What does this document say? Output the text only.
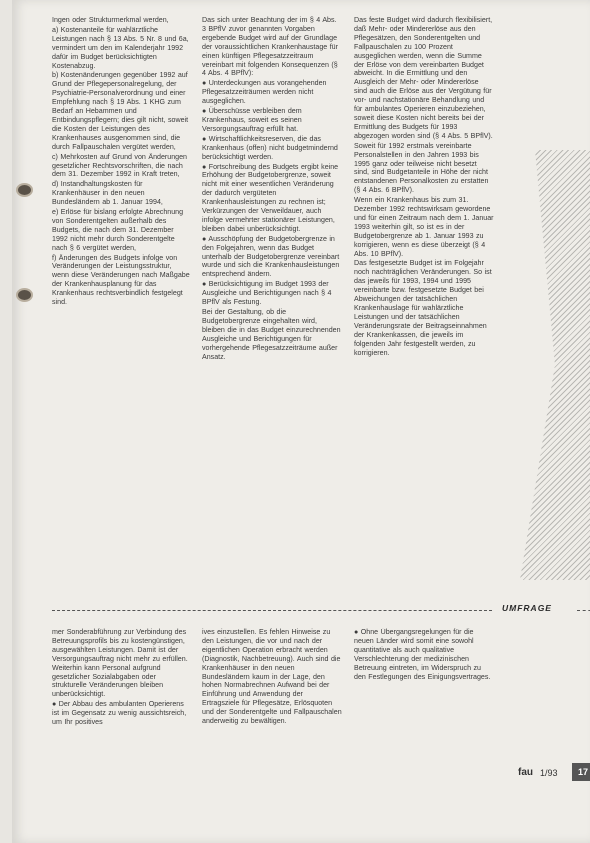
Ingen oder Strukturmerkmal werden,

a) Kostenanteile für wahlärztliche Leistungen nach § 13 Abs. 5 Nr. 8 und 6a, vermindert um den im Kalenderjahr 1992 dafür im Budget berücksichtigten Kostenabzug.

b) Kostenänderungen gegenüber 1992 auf Grund der Pflegepersonalregelung, der Psychiatrie-Personalverordnung und einer Empfehlung nach § 19 Abs. 1 KHG zum Bedarf an Hebammen und Entbindungspflegern; dies gilt nicht, soweit die Kosten der Leistungen des Krankenhauses ausgenommen sind, die durch Fallpauschalen vergütet werden,

c) Mehrkosten auf Grund von Änderungen gesetzlicher Rechtsvorschriften, die nach dem 31. Dezember 1992 in Kraft treten,

d) Instandhaltungskosten für Krankenhäuser in den neuen Bundesländern ab 1. Januar 1994,

e) Erlöse für bislang erfolgte Abrechnung von Sonderentgelten außerhalb des Budgets, die nach dem 31. Dezember 1992 nicht mehr durch Sonderentgelte nach § 6 vergütet werden,

f) Änderungen des Budgets infolge von Veränderungen der Leistungsstruktur, wenn diese Veränderungen nach Maßgabe der Krankenhausplanung für das Krankenhaus rechtsverbindlich festgelegt sind.

Das sich unter Beachtung der im § 4 Abs. 3 BPflV zuvor genannten Vorgaben ergebende Budget wird auf der Grundlage der voraussichtlichen Krankenhaustage für einen künftigen Pflegesatzzeitraum vereinbart mit folgenden Konsequenzen (§ 4 Abs. 4 BPflV):

● Unterdeckungen aus vorangehenden Pflegesatzzeiträumen werden nicht ausgeglichen.

● Überschüsse verbleiben dem Krankenhaus, soweit es seinen Versorgungsauftrag erfüllt hat.

● Wirtschaftlichkeitsreserven, die das Krankenhaus (offen) nicht budgetmindernd berücksichtigt werden.

● Fortschreibung des Budgets ergibt keine Erhöhung der Budgetobergrenze, soweit nicht mit einer wesentlichen Veränderung der dadurch vergüteten Krankenhausleistungen zu rechnen ist; Verkürzungen der Verweildauer, auch infolge vermehrter stationärer Leistungen, bleiben dabei unberücksichtigt.

● Ausschöpfung der Budgetobergrenze in den Folgejahren, wenn das Budget unterhalb der Budgetobergrenze vereinbart wurde und sich die Krankenhausleistungen entsprechend ändern.

● Berücksichtigung im Budget 1993 der Ausgleiche und Berichtigungen nach § 4 BPflV als Festung.

Bei der Gestaltung, ob die Budgetobergrenze eingehalten wird, bleiben die in das Budget einzurechnenden Ausgleiche und Berichtigungen für vorhergehende Pflegesatzzeiträume außer Ansatz.

Das feste Budget wird dadurch flexibilisiert, daß Mehr- oder Mindererlöse aus den Pflegesätzen, den Sonderentgelten und Fallpauschalen zu 100 Prozent ausgeglichen werden, wenn die Summe der Erlöse von dem vereinbarten Budget abweicht. In die Ermittlung und den Ausgleich der Mehr- oder Mindererlöse sind auch die Erlöse aus der Vergütung für vor- und nachstationäre Behandlung und für ambulantes Operieren einzubeziehen, soweit diese Kosten nicht bereits bei der Ermittlung des Budgets für 1993 abgezogen worden sind (§ 4 Abs. 5 BPflV).

Soweit für 1992 erstmals vereinbarte Personalstellen in den Jahren 1993 bis 1995 ganz oder teilweise nicht besetzt sind, sind Budgetanteile in Höhe der nicht entstandenen Personalkosten zu erstatten (§ 4 Abs. 6 BPflV).

Wenn ein Krankenhaus bis zum 31. Dezember 1992 rechtswirksam gewordene und für einen Zeitraum nach dem 1. Januar 1993 weiterhin gilt, so ist es in der Budgetobergrenze ab 1. Januar 1993 zu korrigieren, wenn es diese überzeigt (§ 4 Abs. 10 BPflV).

Das festgesetzte Budget ist im Folgejahr noch nachträglichen Veränderungen. So ist das jeweils für 1993, 1994 und 1995 vereinbarte bzw. festgesetzte Budget bei Abweichungen der tatsächlichen Krankenhauslage für wahlärztliche Leistungen und der tatsächlichen Veränderungsrate der Beitragseinnahmen der Krankenkassen, die jeweils im folgenden Jahr festgestellt werden, zu korrigieren.

UMFRAGE

mer Sonderabführung zur Verbindung des Betreuungsprofils bis zu kostengünstigen, ausgewählten Leistungen. Damit ist der Versorgungsauftrag nicht mehr zu erfüllen. Weiterhin kann Personal aufgrund gesetzlicher Sozialabgaben oder strukturelle Veränderungen bleiben unberücksichtigt.

● Der Abbau des ambulanten Operierens ist im Gegensatz zu wenig aussichtsreich, um Ihr positives

ives einzustellen. Es fehlen Hinweise zu den Leistungen, die vor und nach der eigentlichen Operation erbracht werden (Diagnostik, Nachbetreuung). Auch sind die Krankenhäuser in den neuen Bundesländern kaum in der Lage, den hohen Normabrechnen Aufwand bei der Einführung und Anwendung der Ertragsziele für Pflegesätze, Erlösquoten und der Sonderentgelte und Fallpauschalen anderweitig zu bewältigen.

● Ohne Übergangsregelungen für die neuen Länder wird somit eine sowohl quantitative als auch qualitative Verschlechterung der medizinischen Betreuung eintreten, im Widerspruch zu den Festlegungen des Einigungsvertrages.

fau 1/93	17
